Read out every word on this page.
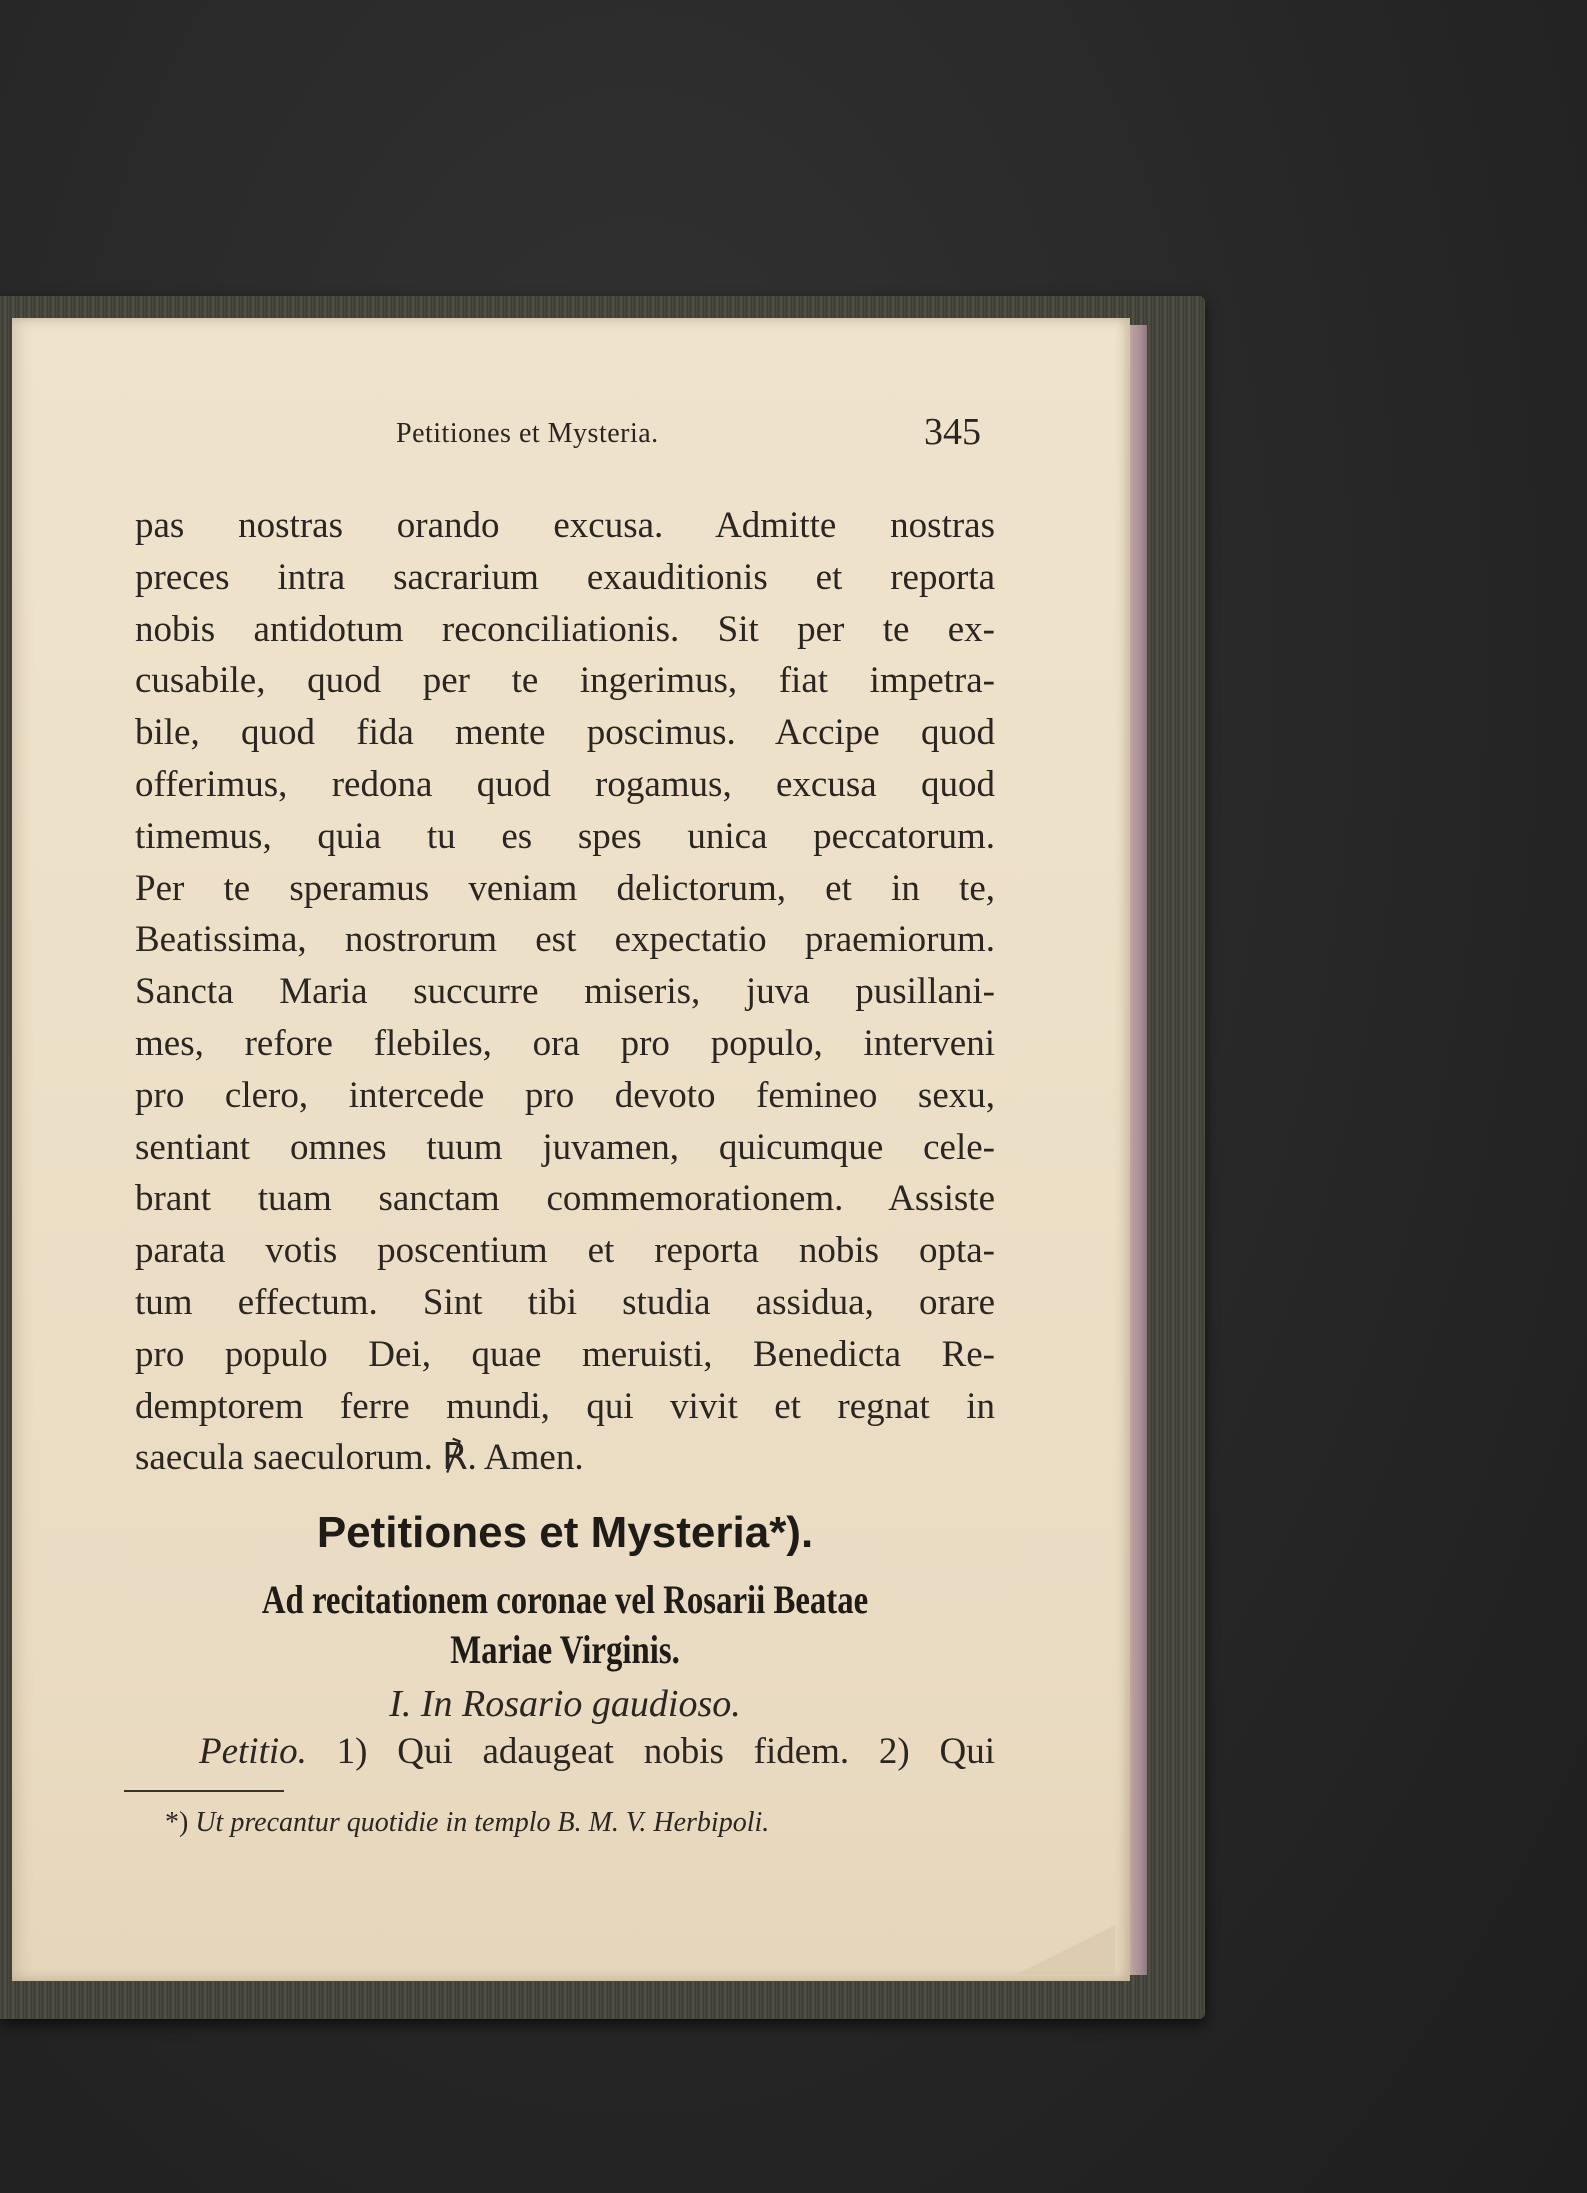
Petitiones et Mysteria.	345
pas nostras orando excusa. Admitte nostras
preces intra sacrarium exauditionis et reporta
nobis antidotum reconciliationis. Sit per te ex-
cusabile, quod per te ingerimus, fiat impetra-
bile, quod fida mente poscimus. Accipe quod
offerimus, redona quod rogamus, excusa quod
timemus, quia tu es spes unica peccatorum.
Per te speramus veniam delictorum, et in te,
Beatissima, nostrorum est expectatio praemiorum.
Sancta Maria succurre miseris, juva pusillani-
mes, refore flebiles, ora pro populo, interveni
pro clero, intercede pro devoto femineo sexu,
sentiant omnes tuum juvamen, quicumque cele-
brant tuam sanctam commemorationem. Assiste
parata votis poscentium et reporta nobis opta-
tum effectum. Sint tibi studia assidua, orare
pro populo Dei, quae meruisti, Benedicta Re-
demptorem ferre mundi, qui vivit et regnat in
saecula saeculorum. ℟. Amen.
Petitiones et Mysteria*).
Ad recitationem coronae vel Rosarii Beatae
Mariae Virginis.
I. In Rosario gaudioso.
Petitio. 1) Qui adaugeat nobis fidem. 2) Qui
*) Ut precantur quotidie in templo B. M. V. Herbipoli.
